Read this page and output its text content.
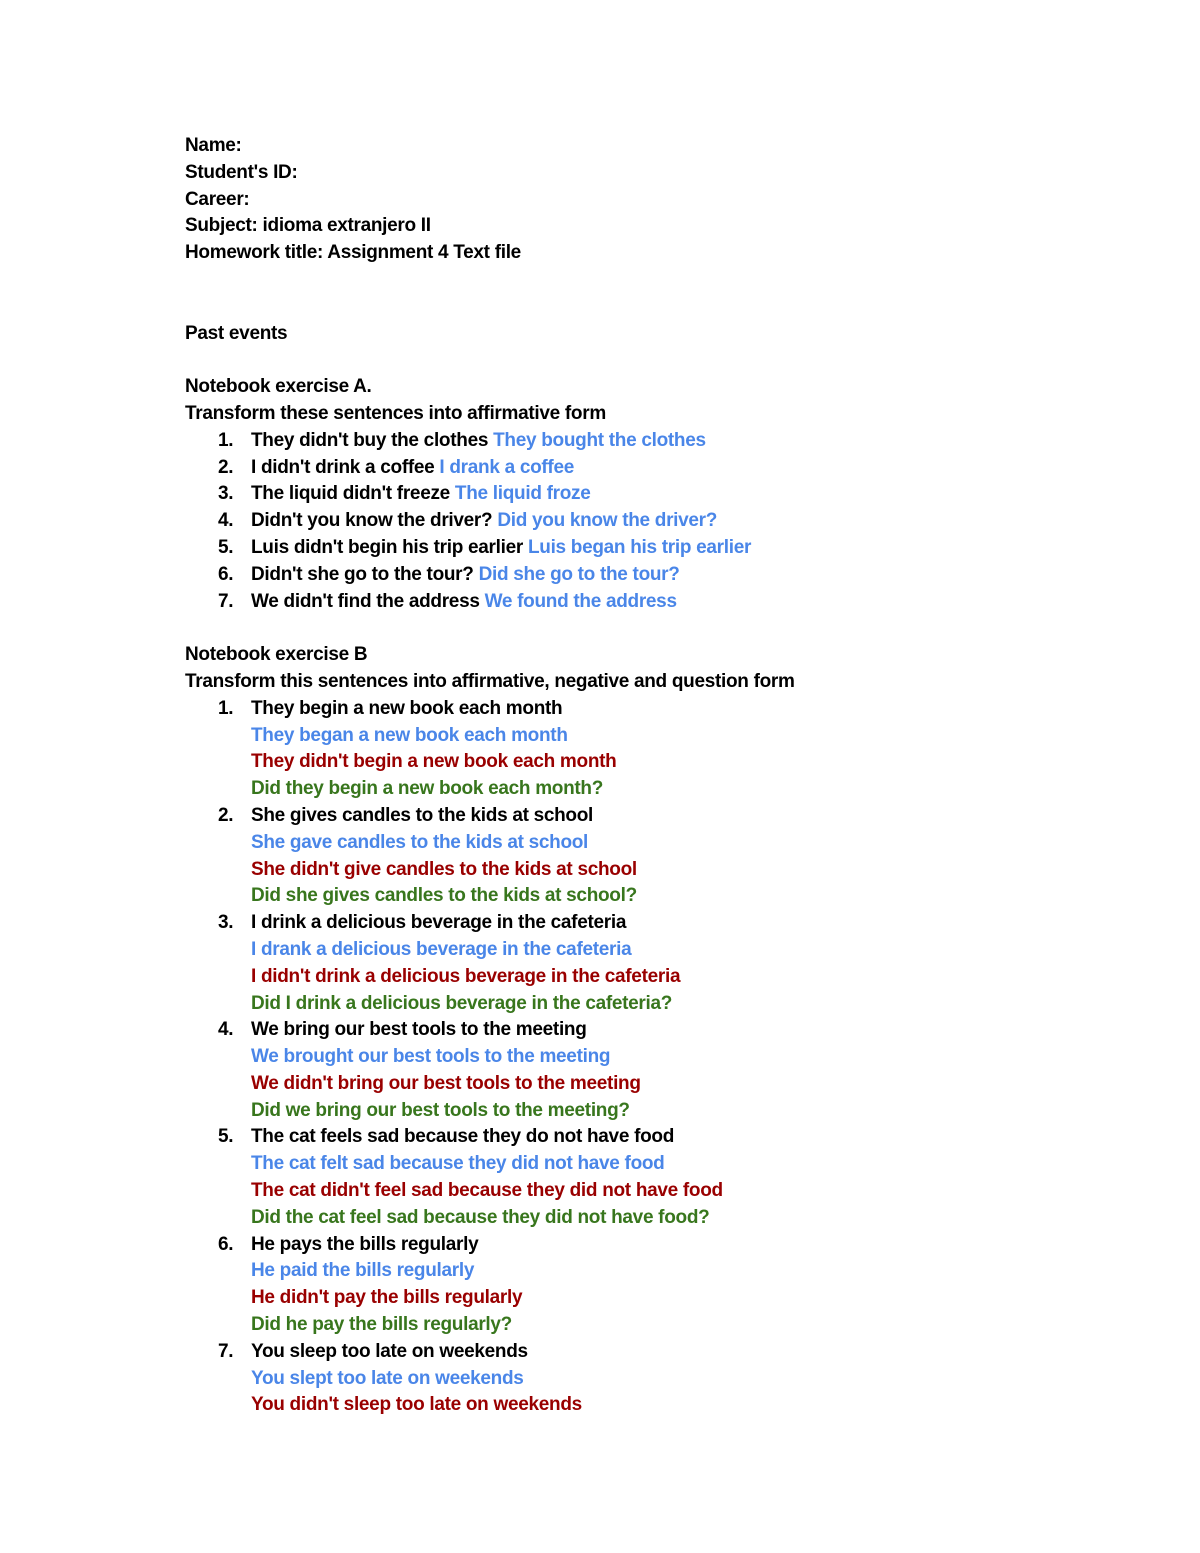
Name:
Student's ID:
Career:
Subject: idioma extranjero II
Homework title: Assignment 4 Text file
Past events
Notebook exercise A.
Transform these sentences into affirmative form
1. They didn't buy the clothes They bought the clothes
2. I didn't drink a coffee I drank a coffee
3. The liquid didn't freeze The liquid froze
4. Didn't you know the driver? Did you know the driver?
5. Luis didn't begin his trip earlier Luis began his trip earlier
6. Didn't she go to the tour? Did she go to the tour?
7. We didn't find the address We found the address
Notebook exercise B
Transform this sentences into affirmative, negative and question form
1. They begin a new book each month
They began a new book each month
They didn't begin a new book each month
Did they begin a new book each month?
2. She gives candles to the kids at school
She gave candles to the kids at school
She didn't give candles to the kids at school
Did she gives candles to the kids at school?
3. I drink a delicious beverage in the cafeteria
I drank a delicious beverage in the cafeteria
I didn't drink a delicious beverage in the cafeteria
Did I drink a delicious beverage in the cafeteria?
4. We bring our best tools to the meeting
We brought our best tools to the meeting
We didn't bring our best tools to the meeting
Did we bring our best tools to the meeting?
5. The cat feels sad because they do not have food
The cat felt sad because they did not have food
The cat didn't feel sad because they did not have food
Did the cat feel sad because they did not have food?
6. He pays the bills regularly
He paid the bills regularly
He didn't pay the bills regularly
Did he pay the bills regularly?
7. You sleep too late on weekends
You slept too late on weekends
You didn't sleep too late on weekends
